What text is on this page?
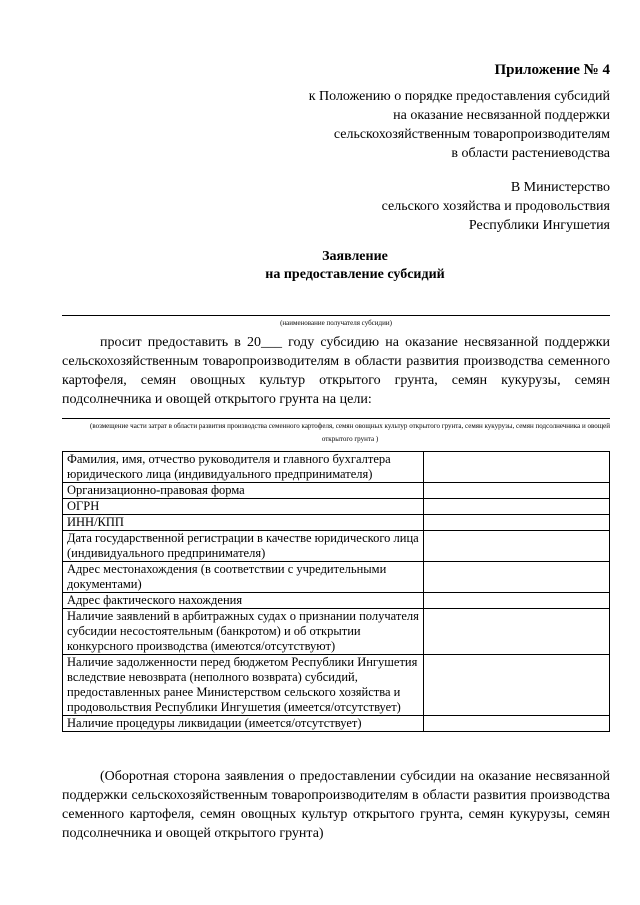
Приложение № 4
к Положению о порядке предоставления субсидий
на оказание несвязанной поддержки
сельскохозяйственным товаропроизводителям
в области растениеводства
В Министерство
сельского хозяйства и продовольствия
Республики Ингушетия
Заявление
на предоставление субсидий
(наименование получателя субсидии)
просит предоставить в 20___ году субсидию на оказание несвязанной поддержки сельскохозяйственным товаропроизводителям в области развития производства семенного картофеля, семян овощных культур открытого грунта, семян кукурузы, семян подсолнечника и овощей открытого грунта на цели:
(возмещение части затрат в области развития производства семенного картофеля, семян овощных культур открытого грунта, семян кукурузы, семян подсолнечника и овощей открытого грунта )
Фамилия, имя, отчество руководителя и главного бухгалтера юридического лица (индивидуального предпринимателя)	
Организационно-правовая форма	
ОГРН	
ИНН/КПП	
Дата государственной регистрации в качестве юридического лица (индивидуального предпринимателя)	
Адрес местонахождения (в соответствии с учредительными документами)	
Адрес фактического нахождения	
Наличие заявлений в арбитражных судах о признании получателя субсидии несостоятельным (банкротом) и об открытии конкурсного производства (имеются/отсутствуют)	
Наличие задолженности перед бюджетом Республики Ингушетия вследствие невозврата (неполного возврата) субсидий, предоставленных ранее Министерством сельского хозяйства и продовольствия Республики Ингушетия (имеется/отсутствует)	
Наличие процедуры ликвидации (имеется/отсутствует)	
(Оборотная сторона заявления о предоставлении субсидии на оказание несвязанной поддержки сельскохозяйственным товаропроизводителям в области развития производства семенного картофеля, семян овощных культур открытого грунта, семян кукурузы, семян подсолнечника и овощей открытого грунта)
